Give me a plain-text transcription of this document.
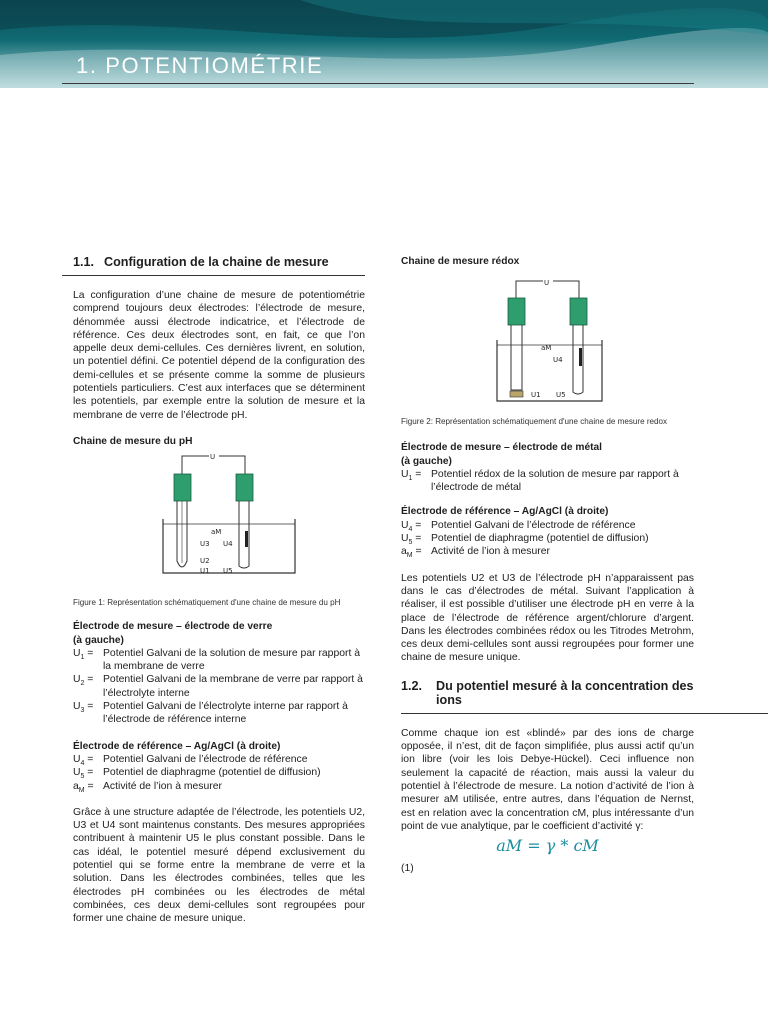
1. POTENTIOMÉTRIE
1.1. Configuration de la chaine de mesure

La configuration d’une chaine de mesure de potentiométrie comprend toujours deux électrodes: l’électrode de mesure, dénommée aussi électrode indicatrice, et l’électrode de référence. Ces deux électrodes sont, en fait, ce que l’on appelle deux demi-cellules. Ces dernières livrent, en solution, un potentiel défini. Ce potentiel dépend de la configuration des demi-cellules et se présente comme la somme de plusieurs potentiels particuliers. C’est aux interfaces que se déterminent les potentiels, par exemple entre la solution de mesure et la membrane de verre de l’électrode pH.

Chaine de mesure du pH
U
aM
U3 U4
U2
U1 U5
Figure 1: Représentation schématiquement d'une chaine de mesure du pH
Électrode de mesure – électrode de verre
(à gauche)
$U_1$ = Potentiel Galvani de la solution de mesure par rapport à la membrane de verre
$U_2$ = Potentiel Galvani de la membrane de verre par rapport à l’électrolyte interne
$U_3$ = Potentiel Galvani de l’électrolyte interne par rapport à l’électrode de référence interne
Électrode de référence – Ag/AgCl (à droite)
$U_4$ = Potentiel Galvani de l’électrode de référence
$U_5$ = Potentiel de diaphragme (potentiel de diffusion)
$a_M$ = Activité de l’ion à mesurer

Grâce à une structure adaptée de l’électrode, les potentiels U2, U3 et U4 sont maintenus constants. Des mesures appropriées contribuent à maintenir U5 le plus constant possible. Dans le cas idéal, le potentiel mesuré dépend exclusivement du potentiel qui se forme entre la membrane de verre et la solution. Dans les électrodes combinées, telles que les électrodes pH combinées ou les électrodes de métal combinées, ces deux demi-cellules sont regroupées pour former une chaine de mesure unique.

Chaine de mesure rédox
U
aM
U4
U1 U5
Figure 2: Représentation schématiquement d'une chaine de mesure redox
Électrode de mesure – électrode de métal
(à gauche)
$U_1$ = Potentiel rédox de la solution de mesure par rapport à l’électrode de métal
Électrode de référence – Ag/AgCl (à droite)
$U_4$ = Potentiel Galvani de l’électrode de référence
$U_5$ = Potentiel de diaphragme (potentiel de diffusion)
$a_M$ = Activité de l’ion à mesurer

Les potentiels U2 et U3 de l’électrode pH n’apparaissent pas dans le cas d’électrodes de métal. Suivant l’application à réaliser, il est possible d’utiliser une électrode pH en verre à la place de l’électrode de référence argent/chlorure d’argent. Dans les électrodes combinées rédox ou les Titrodes Metrohm, ces deux demi-cellules sont aussi regroupées pour former une chaine de mesure unique.

1.2.	Du potentiel mesuré à la concentration des ions

Comme chaque ion est «blindé» par des ions de charge opposée, il n’est, dit de façon simplifiée, plus aussi actif qu’un ion libre (voir les lois Debye-Hückel). Ceci influence non seulement la capacité de réaction, mais aussi la valeur du potentiel à l’électrode de mesure. La notion d’activité de l’ion à mesurer aM utilisée, entre autres, dans l’équation de Nernst, est en relation avec la concentration cM, plus intéressante d’un point de vue analytique, par le coefficient d’activité γ:

aM = γ * cM
(1)
